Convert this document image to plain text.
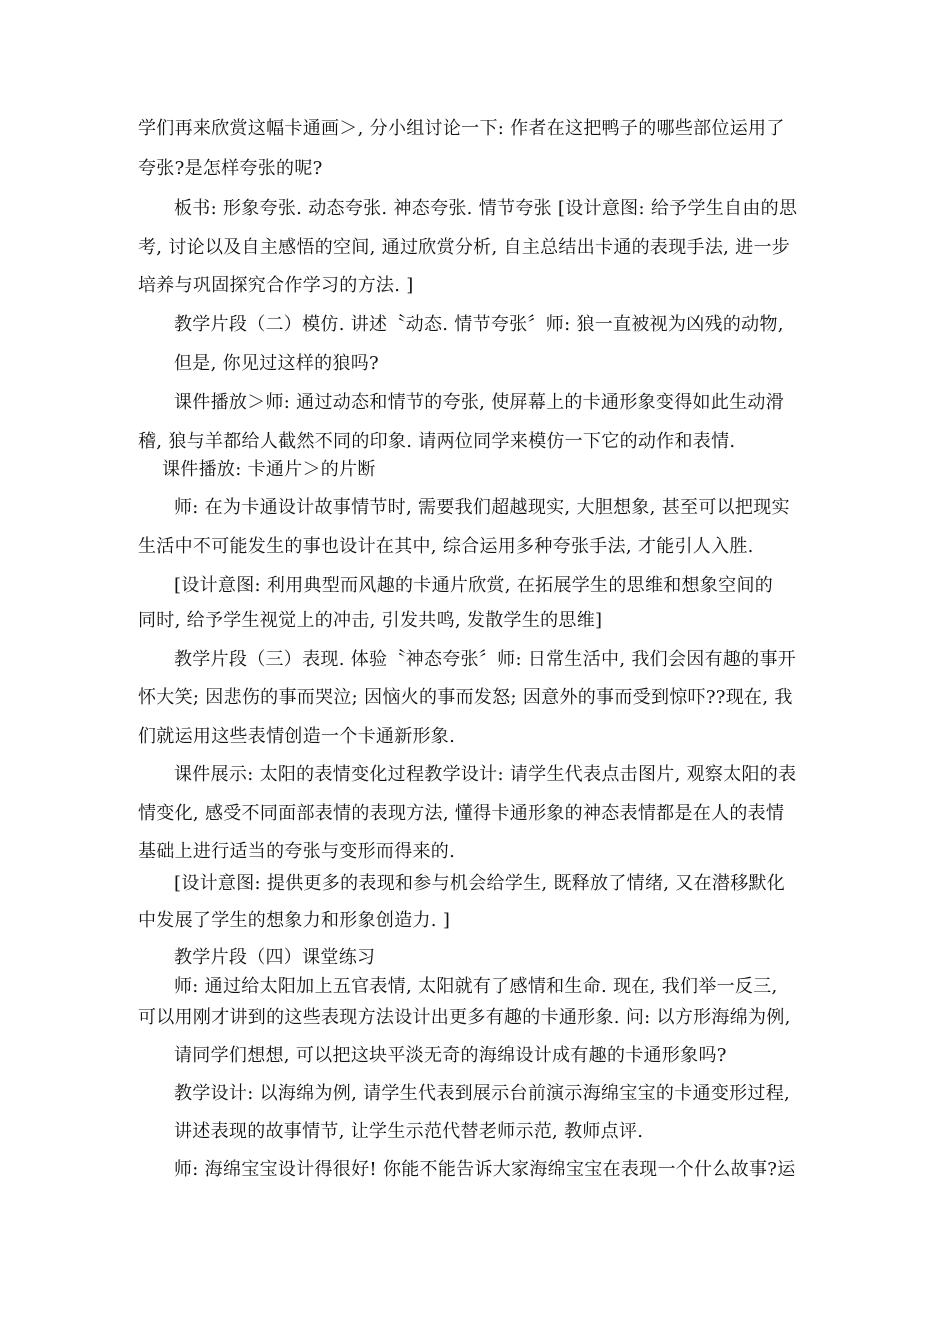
学们再来欣赏这幅卡通画＞, 分小组讨论一下: 作者在这把鸭子的哪些部位运用了
夸张?是怎样夸张的呢?
板书: 形象夸张. 动态夸张. 神态夸张. 情节夸张 [设计意图: 给予学生自由的思
考, 讨论以及自主感悟的空间, 通过欣赏分析, 自主总结出卡通的表现手法, 进一步
培养与巩固探究合作学习的方法. ]
教学片段（二）模仿. 讲述〝动态. 情节夸张〞师: 狼一直被视为凶残的动物,
但是, 你见过这样的狼吗?
课件播放＞师: 通过动态和情节的夸张, 使屏幕上的卡通形象变得如此生动滑
稽, 狼与羊都给人截然不同的印象. 请两位同学来模仿一下它的动作和表情.
课件播放: 卡通片＞的片断
师: 在为卡通设计故事情节时, 需要我们超越现实, 大胆想象, 甚至可以把现实
生活中不可能发生的事也设计在其中, 综合运用多种夸张手法, 才能引人入胜.
[设计意图: 利用典型而风趣的卡通片欣赏, 在拓展学生的思维和想象空间的
同时, 给予学生视觉上的冲击, 引发共鸣, 发散学生的思维]
教学片段（三）表现. 体验〝神态夸张〞师: 日常生活中, 我们会因有趣的事开
怀大笑; 因悲伤的事而哭泣; 因恼火的事而发怒; 因意外的事而受到惊吓??现在, 我
们就运用这些表情创造一个卡通新形象.
课件展示: 太阳的表情变化过程教学设计: 请学生代表点击图片, 观察太阳的表
情变化, 感受不同面部表情的表现方法, 懂得卡通形象的神态表情都是在人的表情
基础上进行适当的夸张与变形而得来的.
[设计意图: 提供更多的表现和参与机会给学生, 既释放了情绪, 又在潜移默化
中发展了学生的想象力和形象创造力. ]
教学片段（四）课堂练习
师: 通过给太阳加上五官表情, 太阳就有了感情和生命. 现在, 我们举一反三,
可以用刚才讲到的这些表现方法设计出更多有趣的卡通形象. 问: 以方形海绵为例,
请同学们想想, 可以把这块平淡无奇的海绵设计成有趣的卡通形象吗?
教学设计: 以海绵为例, 请学生代表到展示台前演示海绵宝宝的卡通变形过程,
讲述表现的故事情节, 让学生示范代替老师示范, 教师点评.
师: 海绵宝宝设计得很好! 你能不能告诉大家海绵宝宝在表现一个什么故事?运
